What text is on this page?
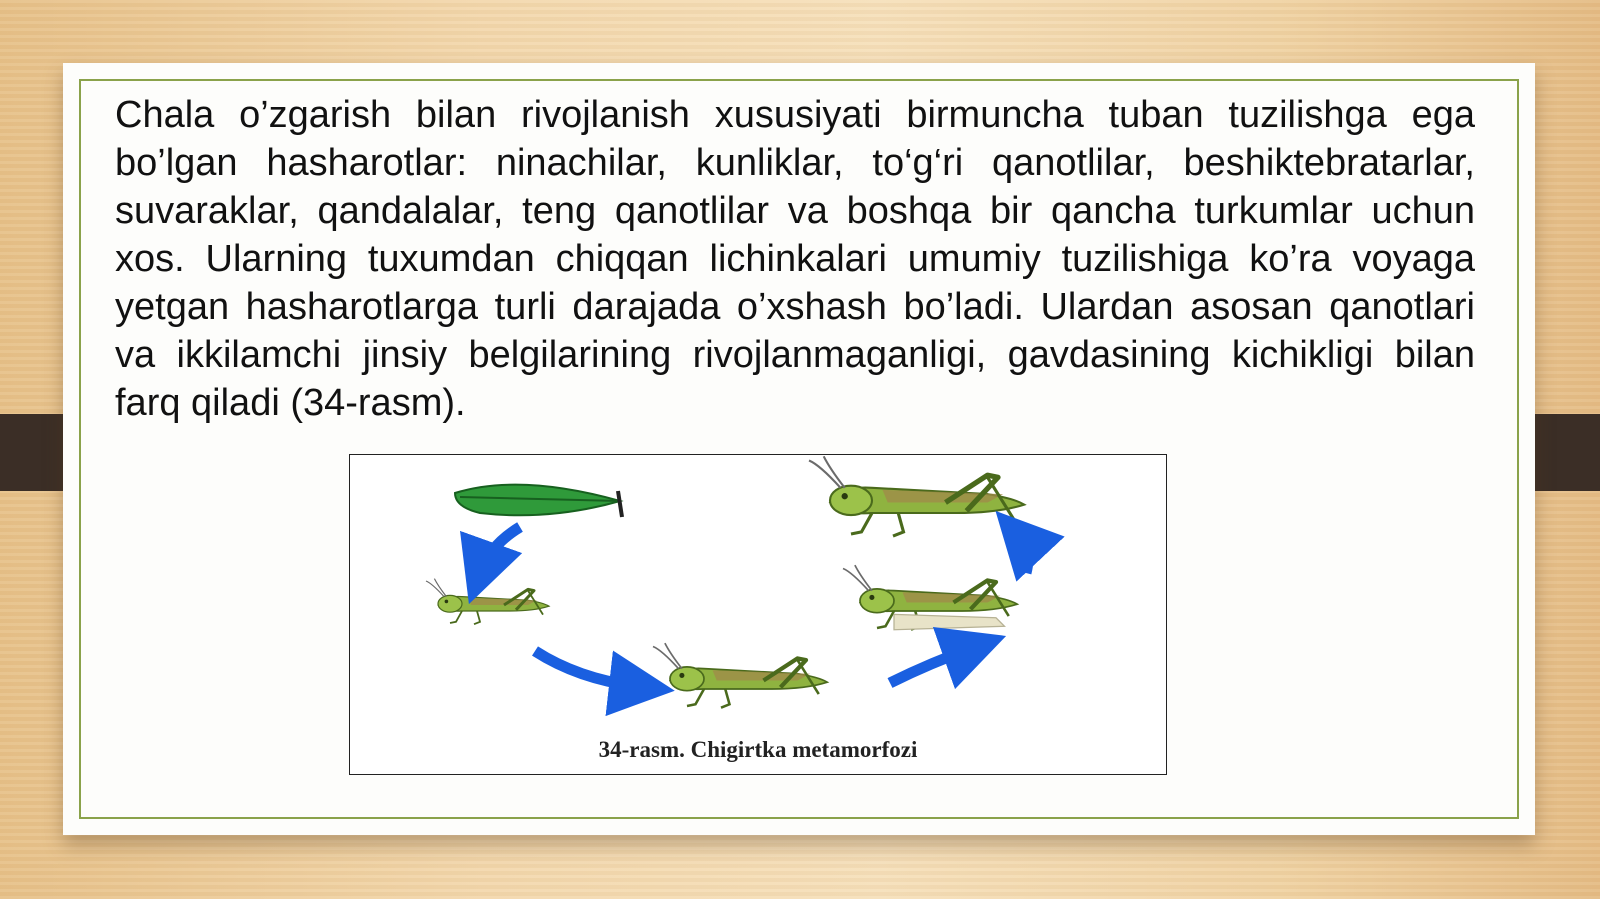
Chala o’zgarish bilan rivojlanish xususiyati birmuncha tuban tuzilishga ega bo’lgan hasharotlar: ninachilar, kunliklar, to‘g‘ri qanotlilar, beshiktebratarlar, suvaraklar, qandalalar, teng qanotlilar va boshqa bir qancha turkumlar uchun xos. Ularning tuxumdan chiqqan lichinkalari umumiy tuzilishiga ko’ra voyaga yetgan hasharotlarga turli darajada o’xshash bo’ladi. Ulardan asosan qanotlari va ikkilamchi jinsiy belgilarining rivojlanmaganligi, gavdasining kichikligi bilan farq qiladi (34-rasm).

34-rasm. Chigirtka metamorfozi
